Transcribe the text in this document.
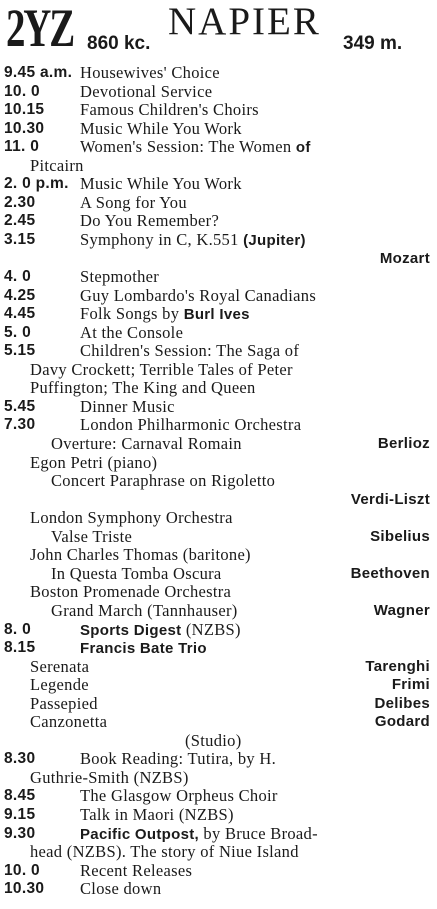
2YZ 860 kc.
NAPIER
349 m.
9.45 a.m. Housewives' Choice
10. 0 Devotional Service
10.15 Famous Children's Choirs
10.30 Music While You Work
11. 0 Women's Session: The Women of
Pitcairn
2. 0 p.m. Music While You Work
2.30	A Song for You
2.45	Do You Remember?
3.15	Symphony in C, K.551 (Jupiter)
Mozart
4. 0	Stepmother
4.25	Guy Lombardo's Royal Canadians
4.45	Folk Songs by Burl Ives
5. 0	At the Console
5.15	Children's Session: The Saga of
Davy Crockett; Terrible Tales of Peter
Puffington; The King and Queen
5.45	Dinner Music
7.30	London Philharmonic Orchestra
Overture: Carnaval Romain	Berlioz
Egon Petri (piano)
Concert Paraphrase on Rigoletto
Verdi-Liszt
London Symphony Orchestra
Valse Triste	Sibelius
John Charles Thomas (baritone)
In Questa Tomba Oscura	Beethoven
Boston Promenade Orchestra
Grand March (Tannhauser)	Wagner
8. 0	Sports Digest (NZBS)
8.15	Francis Bate Trio
Serenata	Tarenghi
Legende	Frimi
Passepied	Delibes
Canzonetta	Godard
(Studio)
8.30	Book Reading: Tutira, by H.
Guthrie-Smith (NZBS)
8.45	The Glasgow Orpheus Choir
9.15	Talk in Maori (NZBS)
9.30	Pacific Outpost, by Bruce Broad-
head (NZBS). The story of Niue Island
10. 0 Recent Releases
10.30 Close down
